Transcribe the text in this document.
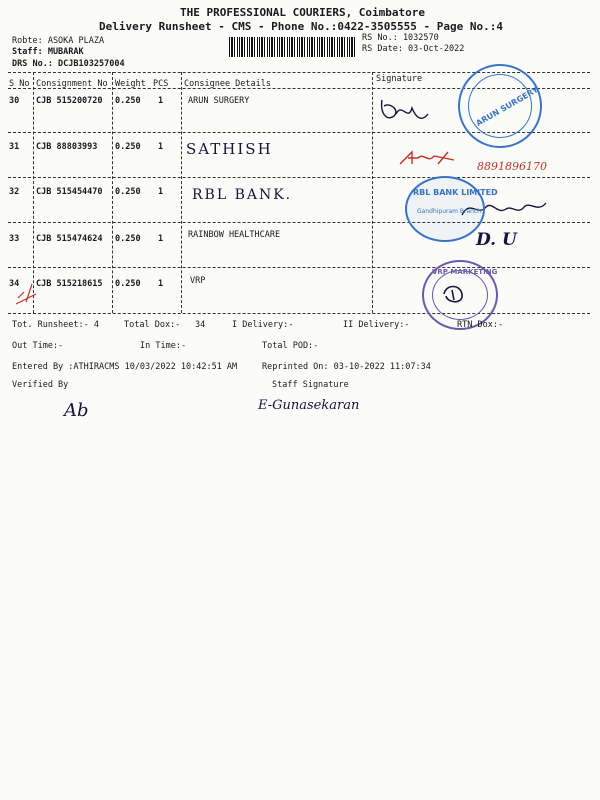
THE PROFESSIONAL COURIERS, Coimbatore
Delivery Runsheet - CMS - Phone No.:0422-3505555 - Page No.:4
Robte: ASOKA PLAZA
Staff: MUBARAK
DRS No.: DCJB103257004
RS No.: 1032570
RS Date: 03-Oct-2022
S No Consignment No Weight PCS Consignee Details	Signature
30 CJB 515200720 0.250 1	ARUN SURGERY
31 CJB 88803993 0.250 1 SATHISH
32 CJB 515454470 0.250 1 RBL BANK.
33 CJB 515474624 0.250 1	RAINBOW HEALTHCARE
34 CJB 515218615 0.250 1	VRP
8891896170
D. U
ARUN SURGERY
RBL BANK LIMITED
Gandhipuram Branch
VRP MARKETING
Tot. Runsheet:- 4	Total Dox:- 34	I Delivery:-	II Delivery:-	RTN Dox:-
Out Time:-	In Time:-	Total POD:-
Entered By :ATHIRACMS 10/03/2022 10:42:51 AM	Reprinted On: 03-10-2022 11:07:34
Verified By	Staff Signature
Ab	E-Gunasekaran
